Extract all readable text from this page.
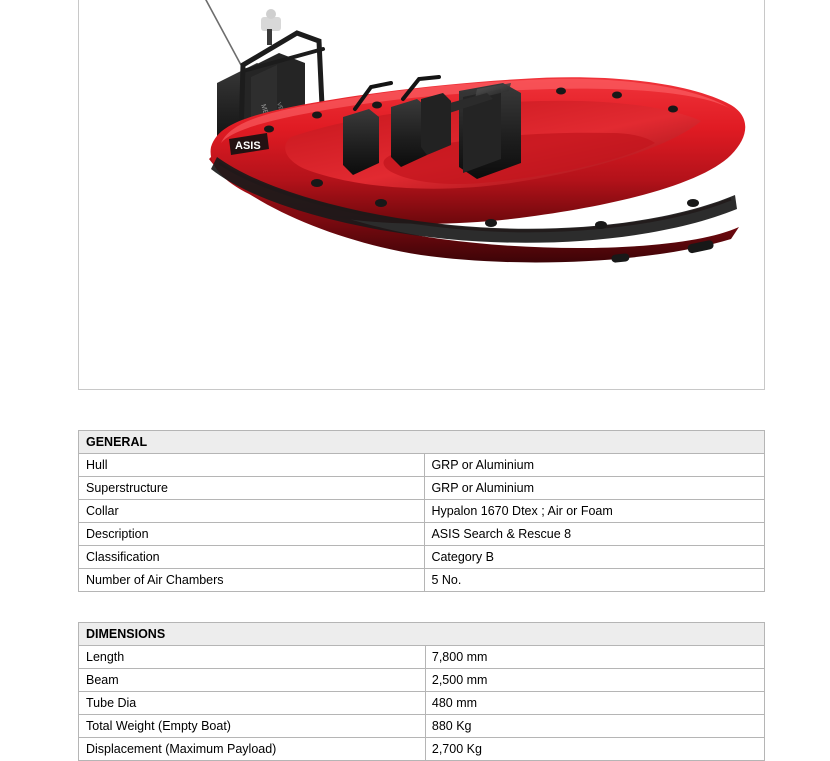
ASIS
GENERAL	
Hull	GRP or Aluminium
Superstructure	GRP or Aluminium
Collar	Hypalon 1670 Dtex ; Air or Foam
Description	ASIS Search & Rescue 8
Classification	Category B
Number of Air Chambers	5 No.
DIMENSIONS	
Length	7,800 mm
Beam	2,500 mm
Tube Dia	480 mm
Total Weight (Empty Boat)	880 Kg
Displacement (Maximum Payload)	2,700 Kg
